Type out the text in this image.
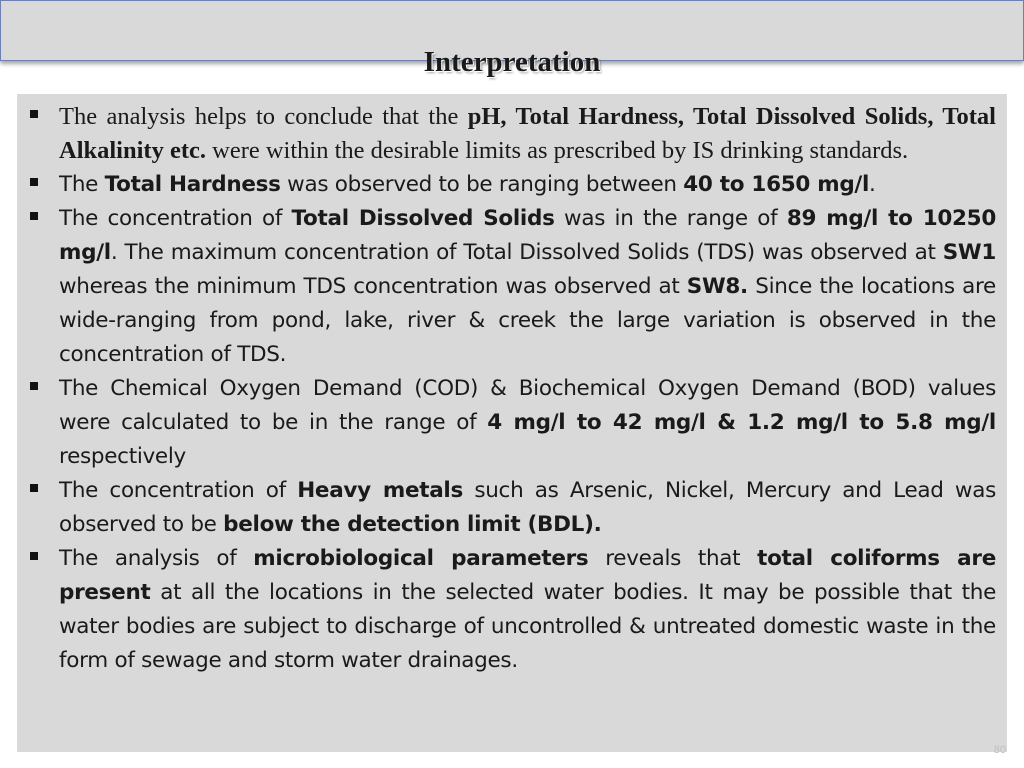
Interpretation
The analysis helps to conclude that the pH, Total Hardness, Total Dissolved Solids, Total Alkalinity etc. were within the desirable limits as prescribed by IS drinking standards.
The Total Hardness was observed to be ranging between 40 to 1650 mg/l.
The concentration of Total Dissolved Solids was in the range of 89 mg/l to 10250 mg/l. The maximum concentration of Total Dissolved Solids (TDS) was observed at SW1 whereas the minimum TDS concentration was observed at SW8. Since the locations are wide-ranging from pond, lake, river & creek the large variation is observed in the concentration of TDS.
The Chemical Oxygen Demand (COD) & Biochemical Oxygen Demand (BOD) values were calculated to be in the range of 4 mg/l to 42 mg/l & 1.2 mg/l to 5.8 mg/l respectively
The concentration of Heavy metals such as Arsenic, Nickel, Mercury and Lead was observed to be below the detection limit (BDL).
The analysis of microbiological parameters reveals that total coliforms are present at all the locations in the selected water bodies. It may be possible that the water bodies are subject to discharge of uncontrolled & untreated domestic waste in the form of sewage and storm water drainages.
80
